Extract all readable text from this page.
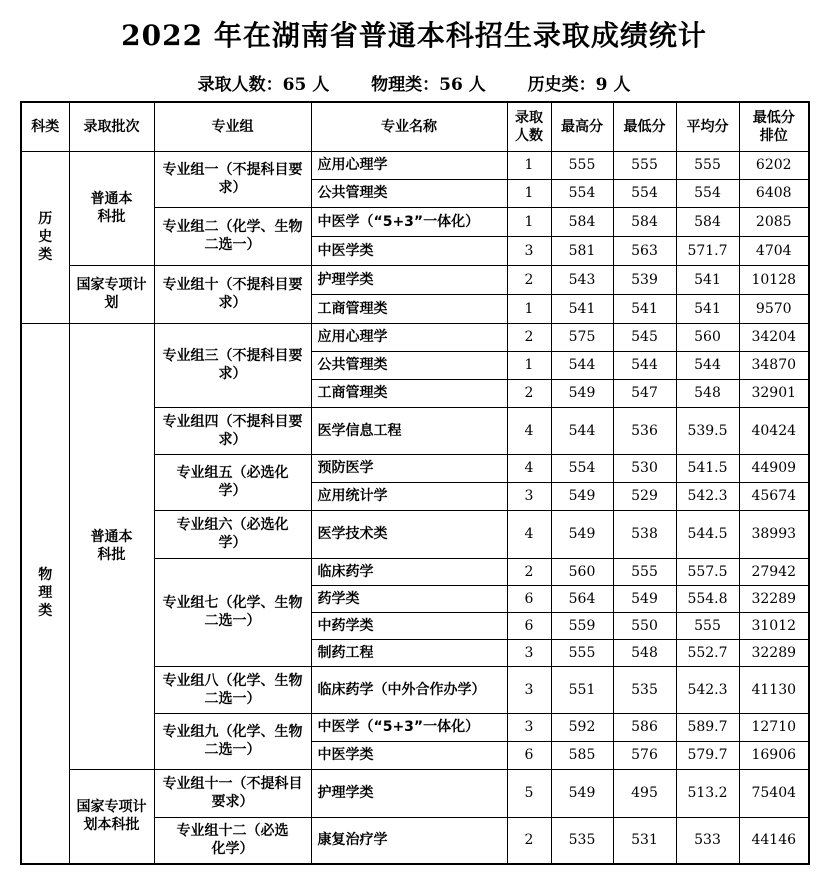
2022 年在湖南省普通本科招生录取成绩统计
录取人数：65 人 物理类：56 人 历史类：9 人
科类	录取批次	专业组	专业名称	录取人数	最高分	最低分	平均分	最低分排位
历史类	普通本科批	专业组一（不提科目要求）	应用心理学	1	555	555	555	6202
			公共管理类	1	554	554	554	6408
		专业组二（化学、生物二选一）	中医学（“5+3”一体化）	1	584	584	584	2085
			中医学类	3	581	563	571.7	4704
	国家专项计划	专业组十（不提科目要求）	护理学类	2	543	539	541	10128
			工商管理类	1	541	541	541	9570
物理类	普通本科批	专业组三（不提科目要求）	应用心理学	2	575	545	560	34204
			公共管理类	1	544	544	544	34870
			工商管理类	2	549	547	548	32901
		专业组四（不提科目要求）	医学信息工程	4	544	536	539.5	40424
		专业组五（必选化学）	预防医学	4	554	530	541.5	44909
			应用统计学	3	549	529	542.3	45674
		专业组六（必选化学）	医学技术类	4	549	538	544.5	38993
		专业组七（化学、生物二选一）	临床药学	2	560	555	557.5	27942
			药学类	6	564	549	554.8	32289
			中药学类	6	559	550	555	31012
			制药工程	3	555	548	552.7	32289
		专业组八（化学、生物二选一）	临床药学（中外合作办学）	3	551	535	542.3	41130
		专业组九（化学、生物二选一）	中医学（“5+3”一体化）	3	592	586	589.7	12710
			中医学类	6	585	576	579.7	16906
	国家专项计划本科批	专业组十一（不提科目要求）	护理学类	5	549	495	513.2	75404
		专业组十二（必选化学）	康复治疗学	2	535	531	533	44146
